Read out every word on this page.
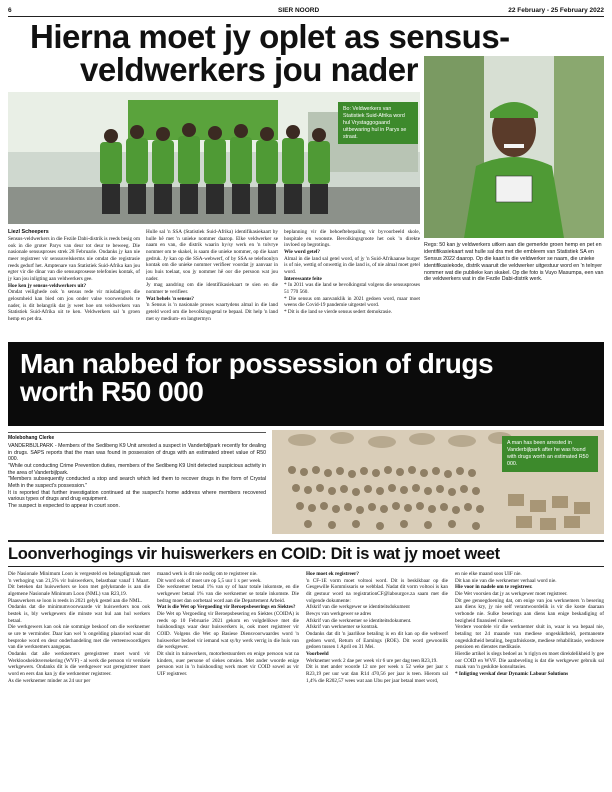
6	SIER NOORD	22 February - 25 February 2022
Hierna moet jy oplet as sensus-
veldwerkers jou nader
Bo: Veldwerkers van Statistiek Suid-Afrika word hul Vrystaggogaand uitbewaring hul in Parys se straat.
Liezl Scheepers

Sensus-veldwerkers in die Fezile Dabi-distrik is reeds besig om ook in die groter Parys van deur tot deur te beweeg. Die nasionale sensusproses strek 28 Februarie. Ondanks jy kan nie meer registreer vir sensusvelskerms nie omdat die registrasie reeds gedurf het. Amptenare van Statistiek Suid-Afrika kan jou egter vir die dinar van die sensusprosesse telefonies kontak, of jy kan jou inligting aan veldwerkers gee.

Hoe ken jy sensus-veldwerkers uit?

Omdat veilighede ook 'n sensus rede vir misdadigers die gelosmheid kan bied om jou onder valse voorwendsels te nader, is dit belangrik dat jy weet hoe om veldwerkers van Statistiek Suid-Afrika uit te ken. Veldwerkers sal 'n groen hemp en pet dra.

Hulle sal 'n SSA (Statistiek Suid-Afrika) identifikasiekaart by hulle hê met 'n unieke nommer daarop. Elke veldwerker se naam en van, die distrik waarin hy/sy werk en 'n tolvrye nommer om te skakel, is saam die unieke nommer, op die kaart gedruk. Jy kan op die SSA-webwerf, of by SSA se telefoonlyn kontak om die unieke nommer verifieer voordat jy aanvaar in jou huis toelaat, sou jy nommer hê oor die persoon wat jou nader.
Jy mag aandring om die identifikasiekaart te sien en die nommer te verifieer.

Wat behels 'n sensus?

'n Sensus is 'n nasionale proses waartydens almal in die land geteld word om die bevolkingsgetal te bepaal. Dit help 'n land met sy medium- en langtermyn

beplanning vir die behoeftebepaling vir byvoorbeeld skole, hospitale en woonste. Bevolkingsgroote het ook 'n direkte invloed op begrotings.

Wie word getel?

Almal in die land sal getel word, of jy 'n Suid-Afrikaanse burger is of nie, wettig of onwettig in die land is, of nie almal moet getel word.

Interessante feite

* In 2011 was die land se bevolkingstal volgens die sensusproses 51 770 560.
* Die sensus om aanvanklik in 2021 gedoen word, maar moet weens die Covid-19 pandemie uitgestel word.
* Dit is die land se vierde sensus sedert demokrasie.

Regs: 50 kan jy veldwerkers uitken aan die gemerkte groen hemp en pet en identifikasiekaart wat hulle sal dra met die embleem van Statistiek SA en Sensus 2022 daarop. Op die kaart is die veldwerker se naam, die unieke identifikasiekode, distrik waaruit die veldwerker uitgestuur word en 'n telnyer nommer wat die publieke kan skakel. Op die foto is Vuyo Masumpa, een van die veldwerkers wat in die Fezile Dabi-distrik werk.
Man nabbed for possession of drugs
worth R50 000
Molebohang Clerke

VANDERBIJLPARK - Members of the Sedibeng K9 Unit arrested a suspect in Vanderbijlpark recently for dealing in drugs. SAPS reports that the man was found in possession of drugs with an estimated street value of R50 000.
"While out conducting Crime Prevention duties, members of the Sedibeng K9 Unit detected suspicious activity in the area of Vanderbijlpark.
"Members subsequently conducted a stop and search which led them to recover drugs in the form of Crystal Meth in the suspect's possession."
It is reported that further investigation continued at the suspect's home address where members recovered various types of drugs and drug equipment.
The suspect is expected to appear in court soon.

A man has been arrested in Vanderbijlpark after he was found with drugs worth an estimated R50 000.
Loonverhogings vir huiswerkers en COID: Dit is wat jy moet weet

Die Nasionale Minimum Loon is vergesteld en belangdigmaak met 'n verhoging van 21,5% vir huiswerkers, belastbaar vanaf 1 Maart. Dit beteken dat huiswerkers se loon met gelykstande is aan die algemene Nasionale Minimum Loon (NML) van R23,19.
Plaaswerkers se loon is reeds in 2021 gelyk gestel aan die NML.
Ondanks dat die minimumvoorwaarde vir huiswerkers nou ook bestek is, bly werkgewers die minste wat hul aan hul werkers betaal.
Die werkgewers kan ook nie sommige beskoof om die werknemer se ure te verminder. Daar kan wel 'n ongelding plaasvind waar dit besproke word en deur onderhandeling met die verteenwoordigers van die werknemers aangepas.
Ondanks dat alle werknemers geregistreer moet word vir Werkloosheidsversekering (WVF) - al werk die persoon vir verskeie werkgewers. Ondanks dit is die werkgewer wat geregistreer moet word en eers dan kan jy die werknemer registreer.
As die werknemer minder as 24 uur per

maand werk is dit nie nodig om te registreer nie.
Dit word ook of moet ure op 5,5 uur 1 x per week.
Die werknemer betaal 1% van sy of haar totale inkomste, en die werkgewer betaal 1% van die werknemer se totale inkomste. Die bedrag moet dan oorbetaal word aan die Departement Arbeid.

Wat is die Wet op Vergoeding vir Beroepsbeserings en Siektes?

Die Wet op Vergoeding vir Beroepsbesering en Siektes (COIDA) is reeds op 10 Februarie 2021 gekom en volgdelikwe met die huishoudings waar dear huiswerkers is, ook moet registreer vir COID. Volgens die Wet op Basiese Diensvoorwaardes word 'n huiswerker bedoel vir iemand wat sy/hy werk verrig in die huis van die werkgewer.
Dit sluit in tuinwerkers, motorbestuurders en enige persoon wat na kinders, ouer persone of siekes omsien. Met ander woorde enige persoon wat in 'n huishouding werk moet vir COID sowel as vir UIF registreer.

Hoe moet ek registreer?

'n CF-1E vorm moet voltooi word. Dit is beskikbaar op die Gesgewille Kommissaris se webblad. Nadat dit vorm voltooi is kan dit gestuur word na registrationCF@labourgov.za saam met die volgende dokumente:
Afskrif van die werkgewer se identiteitsdokument
Bewys van werkgewer se adres
Afskrif van die werknemer se identiteitsdokument.
Afskrif van werknemer se kontrak.
Ondanks dat dit 'n jaarlikse betaling is en dit kan op die webwerf gedoen word, Return of Earnings (ROE). Dit word gewoonlik gedoen tussen 1 April en 31 Mei.

Voorbeeld

Werknemer werk 2 dae per week vir 6 ure per dag teen R23,19.
Dit is met ander woorde 12 ure per week x 52 weke per jaar x R23,19 per uur wat dan R14 470,56 per jaar is teen. Hierom sal 1,4% die R202,57 wees wat aan Ubu per jaar betaal moet word,

en nie elke maand soos UIF nie.
Dit kan nie van die werknemer verhaal word nie.

Hie voor in nadele om te registreer.

Die Wet voorsien dat jy as werkgewer moet registreer.
Dit gee genoegdoening dat, om enige van jou werknemers 'n besering aan diens kry, jy nie self verantwoordelik is vir die koste daaraan verbonde nie. Sulke beserings aan diens kan enige beskadiging of bezigheid finansieel ruïneer.
Verdere voordele vir die werknemer sluit in, waar is wa bepaal nie, betaling tot 24 maande van mediese ongeskiktheid, permanente ongeskiktheid betaling, begrafniskoste, mediese rehabilitasie, weduwee pensioen en dienstes medikasie.
Hierdie artikel is slegs bedoel as 'n riglyn en moet direkdelikheid ly gee oor COID en WVF. Die aanbeveling is dat die werkgewer gebruik sal maak van 'n geskikte konsultasies.

* Inligting verskaf deur Dynamic Labour Solutions
